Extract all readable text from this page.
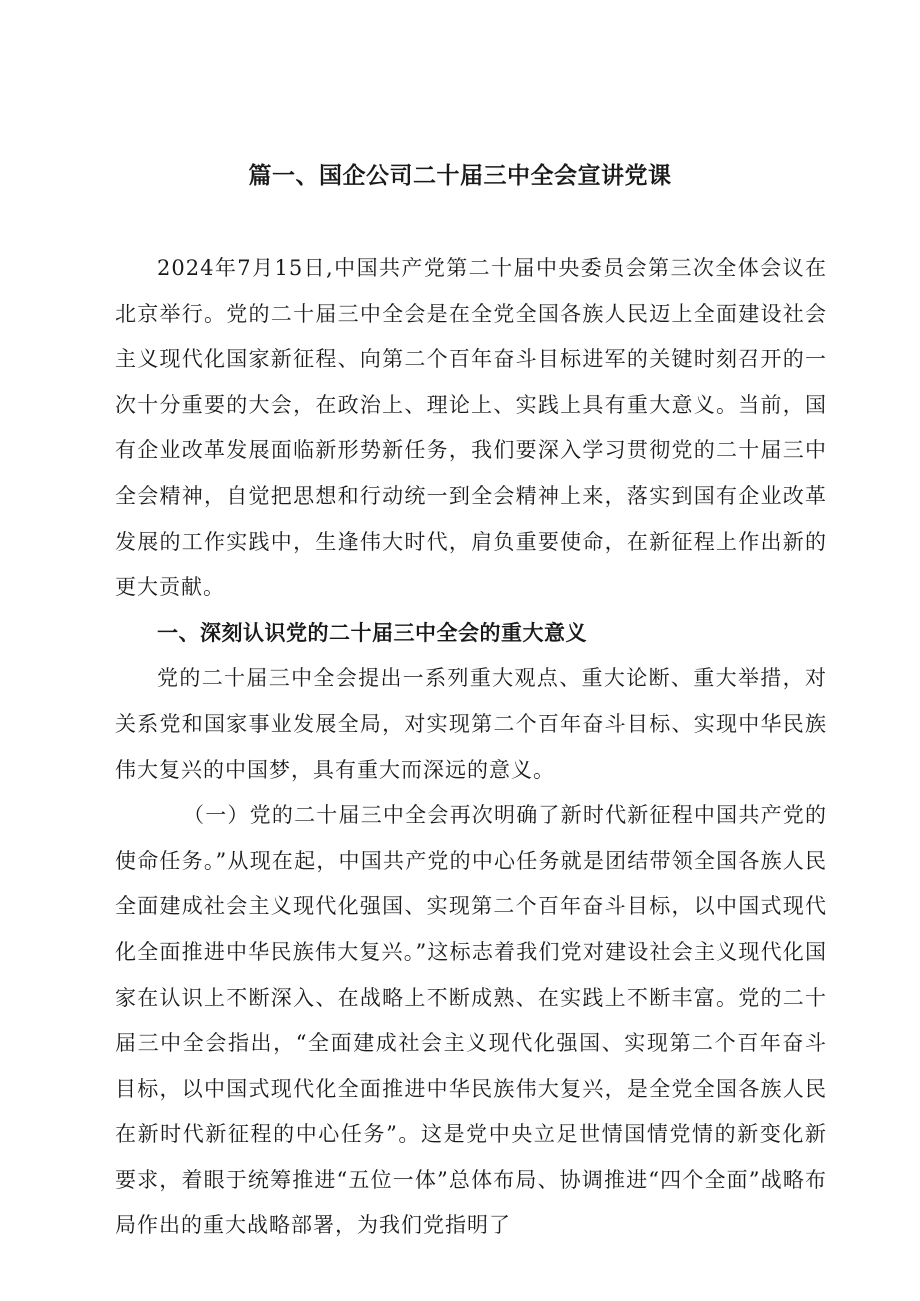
篇一、国企公司二十届三中全会宣讲党课

2024年7月15日,中国共产党第二十届中央委员会第三次全体会议在北京举行。党的二十届三中全会是在全党全国各族人民迈上全面建设社会主义现代化国家新征程、向第二个百年奋斗目标进军的关键时刻召开的一次十分重要的大会，在政治上、理论上、实践上具有重大意义。当前，国有企业改革发展面临新形势新任务，我们要深入学习贯彻党的二十届三中全会精神，自觉把思想和行动统一到全会精神上来，落实到国有企业改革发展的工作实践中，生逢伟大时代，肩负重要使命，在新征程上作出新的更大贡献。

一、深刻认识党的二十届三中全会的重大意义

党的二十届三中全会提出一系列重大观点、重大论断、重大举措，对关系党和国家事业发展全局，对实现第二个百年奋斗目标、实现中华民族伟大复兴的中国梦，具有重大而深远的意义。

（一）党的二十届三中全会再次明确了新时代新征程中国共产党的使命任务。”从现在起，中国共产党的中心任务就是团结带领全国各族人民全面建成社会主义现代化强国、实现第二个百年奋斗目标，以中国式现代化全面推进中华民族伟大复兴。”这标志着我们党对建设社会主义现代化国家在认识上不断深入、在战略上不断成熟、在实践上不断丰富。党的二十届三中全会指出，“全面建成社会主义现代化强国、实现第二个百年奋斗目标，以中国式现代化全面推进中华民族伟大复兴，是全党全国各族人民在新时代新征程的中心任务”。这是党中央立足世情国情党情的新变化新要求，着眼于统筹推进“五位一体”总体布局、协调推进“四个全面”战略布局作出的重大战略部署，为我们党指明了
